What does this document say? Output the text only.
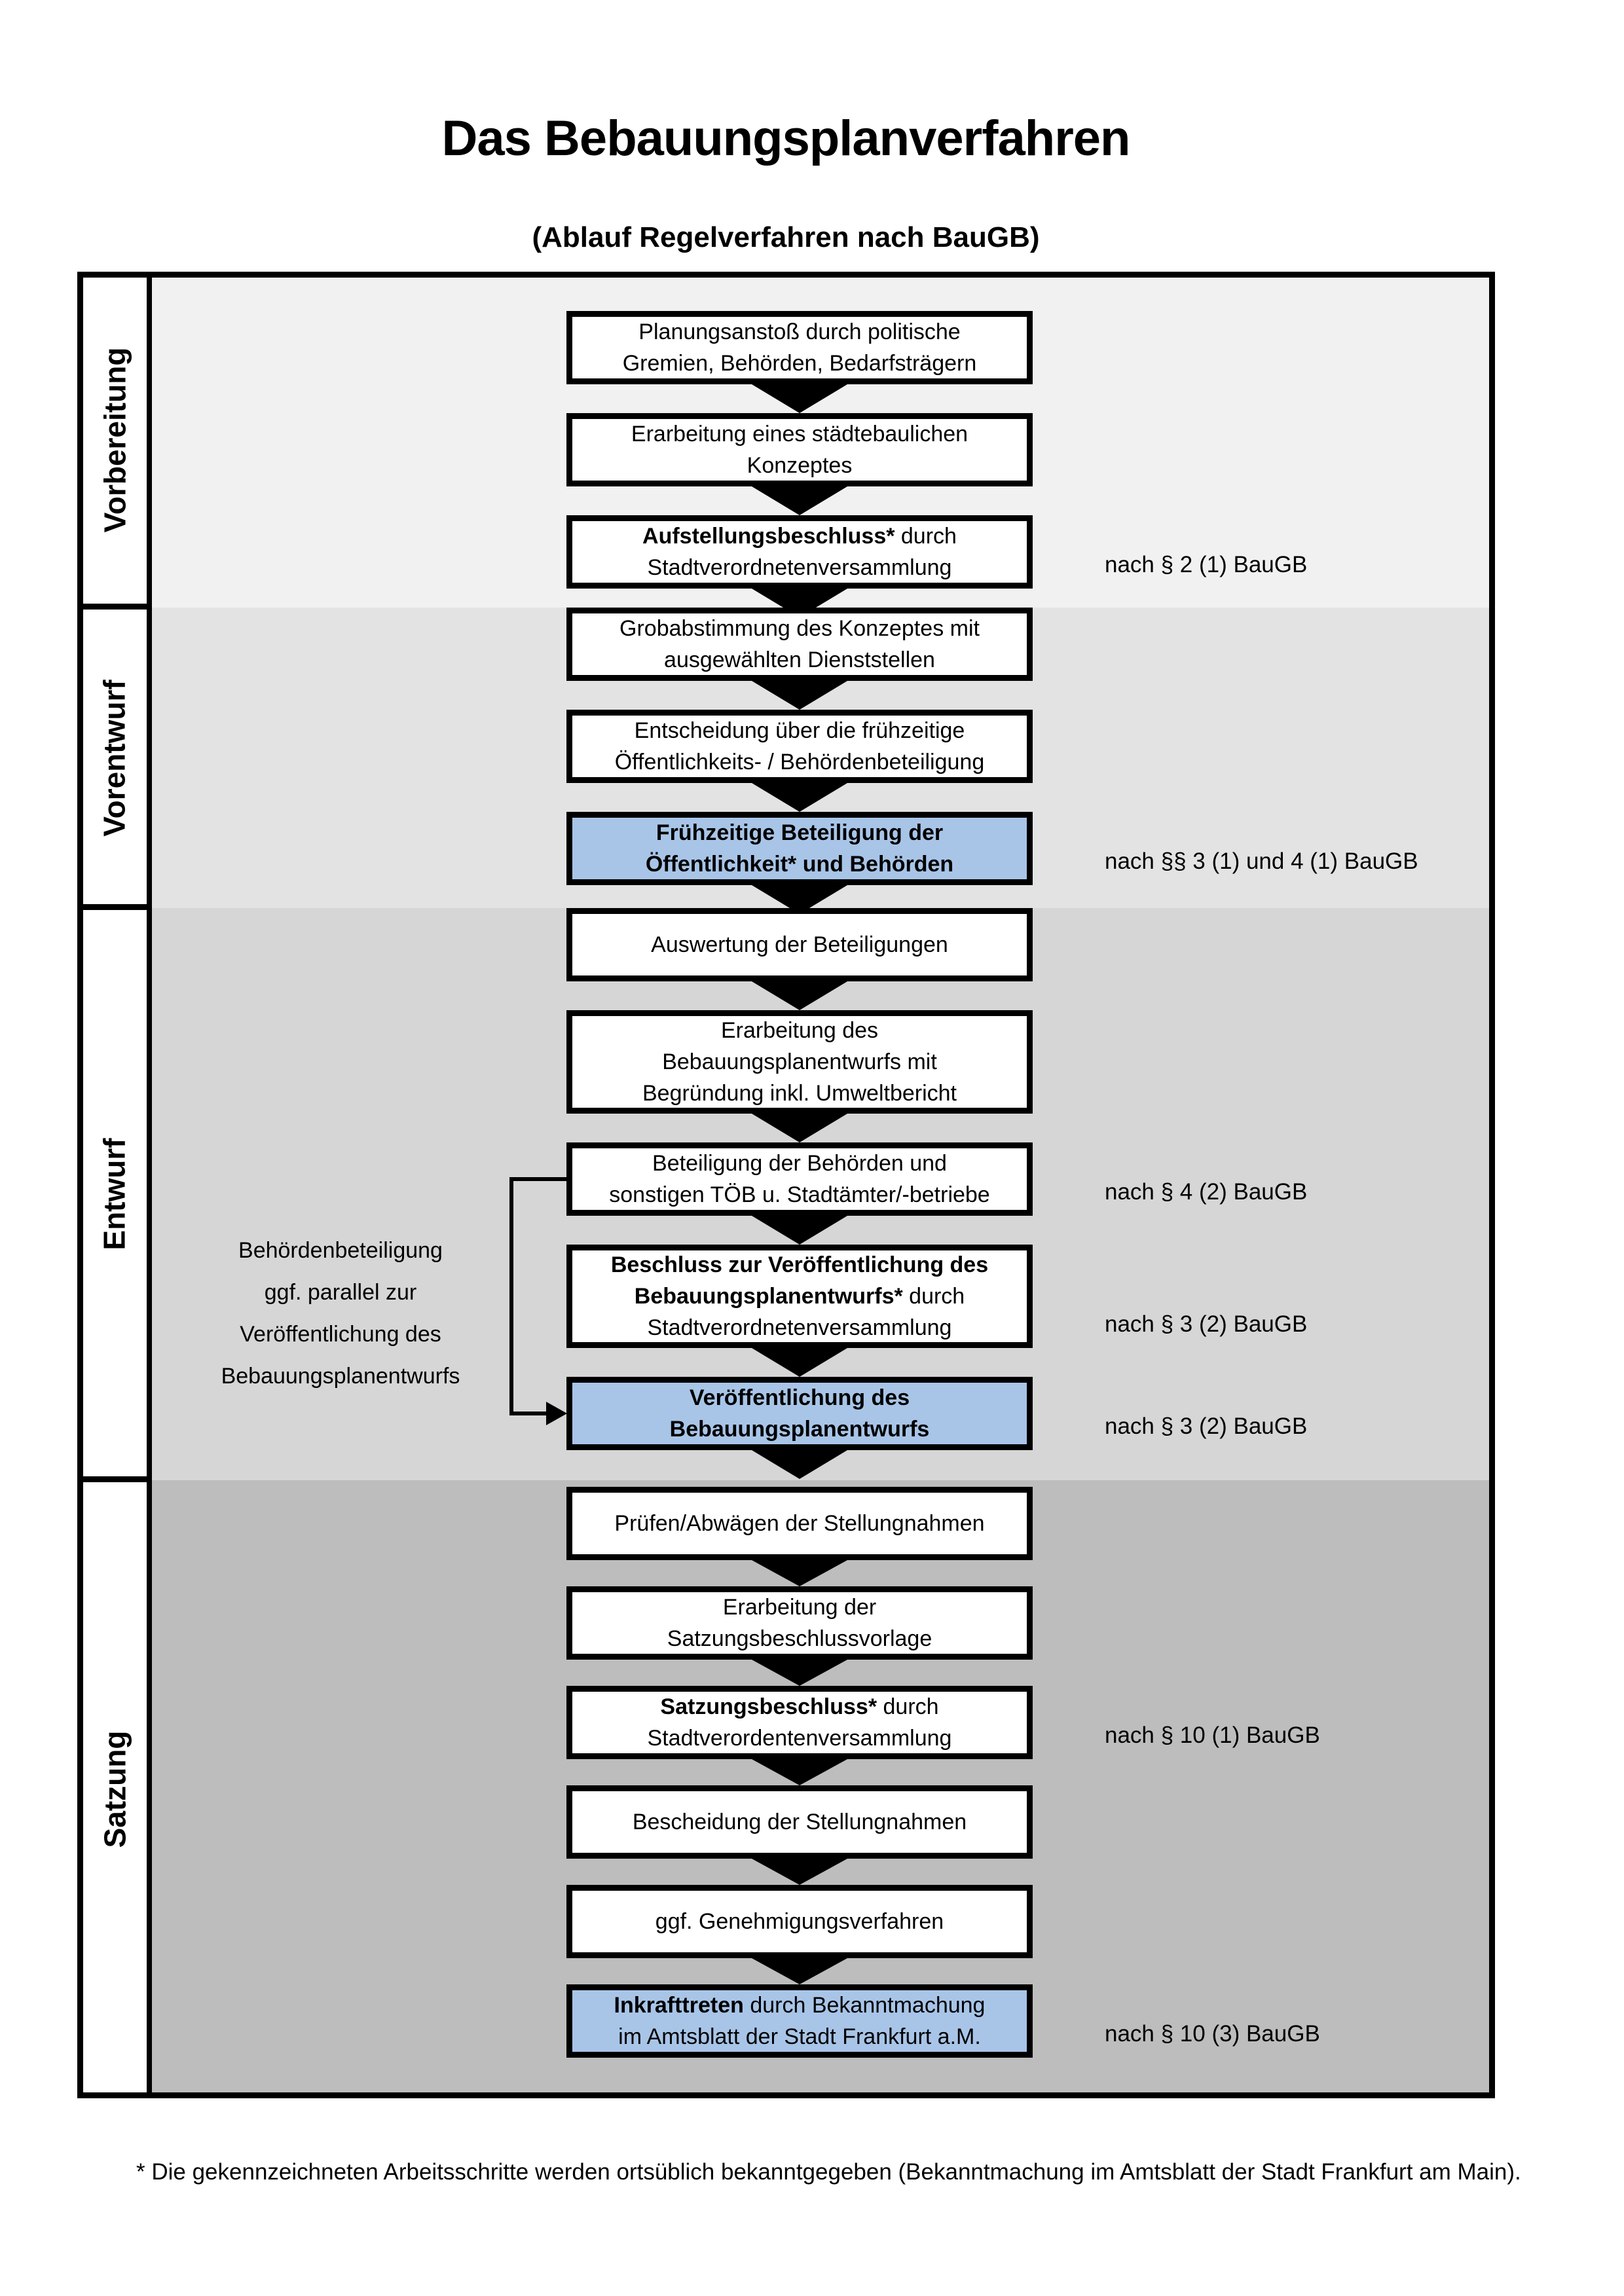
Das Bebauungsplanverfahren
(Ablauf Regelverfahren nach BauGB)
Vorbereitung
Vorentwurf
Entwurf
Satzung
Planungsanstoß durch politische
Gremien, Behörden, Bedarfsträgern
Erarbeitung eines städtebaulichen
Konzeptes
Aufstellungsbeschluss* durch
Stadtverordnetenversammlung	nach § 2 (1) BauGB
Grobabstimmung des Konzeptes mit
ausgewählten Dienststellen
Entscheidung über die frühzeitige
Öffentlichkeits- / Behördenbeteiligung
Frühzeitige Beteiligung der
Öffentlichkeit* und Behörden	nach §§ 3 (1) und 4 (1) BauGB
Auswertung der Beteiligungen
Erarbeitung des
Bebauungsplanentwurfs mit
Begründung inkl. Umweltbericht
Beteiligung der Behörden und
sonstigen TÖB u. Stadtämter/-betriebe	nach § 4 (2) BauGB
Beschluss zur Veröffentlichung des
Bebauungsplanentwurfs* durch
Stadtverordnetenversammlung	nach § 3 (2) BauGB
Veröffentlichung des
Bebauungsplanentwurfs	nach § 3 (2) BauGB
Prüfen/Abwägen der Stellungnahmen
Erarbeitung der
Satzungsbeschlussvorlage
Satzungsbeschluss* durch
Stadtverordentenversammlung	nach § 10 (1) BauGB
Bescheidung der Stellungnahmen
ggf. Genehmigungsverfahren
Inkrafttreten durch Bekanntmachung
im Amtsblatt der Stadt Frankfurt a.M.	nach § 10 (3) BauGB
Behördenbeteiligung
ggf. parallel zur
Veröffentlichung des
Bebauungsplanentwurfs
* Die gekennzeichneten Arbeitsschritte werden ortsüblich bekanntgegeben (Bekanntmachung im Amtsblatt der Stadt Frankfurt am Main).
